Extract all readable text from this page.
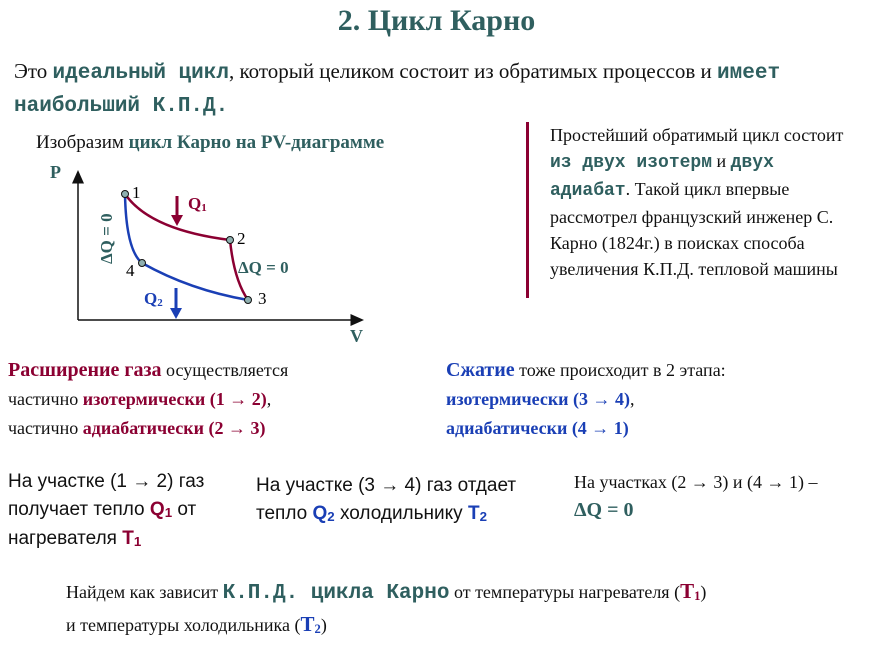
2. Цикл Карно
Это идеальный цикл, который целиком состоит из обратимых процессов и имеет наибольший К.П.Д.
Изобразим цикл Карно на PV-диаграмме
P
V
1
2
3
4
Q1
Q2
ΔQ = 0
ΔQ = 0
Простейший обратимый цикл состоит из двух изотерм и двух адиабат. Такой цикл впервые рассмотрел французский инженер С. Карно (1824г.) в поисках способа увеличения К.П.Д. тепловой машины
Расширение газа осуществляется
частично изотермически (1 → 2),
частично адиабатически (2 → 3)
Сжатие тоже происходит в 2 этапа:
изотермически (3 → 4),
адиабатически (4 → 1)
На участке (1 → 2) газ получает тепло $Q_1$ от нагревателя $T_1$
На участке (3 → 4) газ отдает тепло $Q_2$ холодильнику $T_2$
На участках (2 → 3) и (4 → 1) –
ΔQ = 0
Найдем как зависит К.П.Д. цикла Карно от температуры нагревателя $(T_1)$
и температуры холодильника $(T_2)$
